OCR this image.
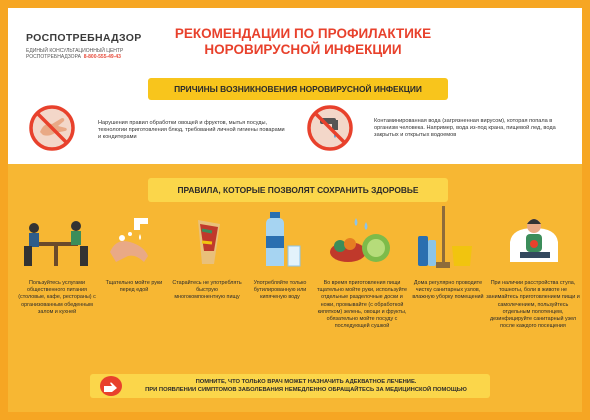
РОСПОТРЕБНАДЗОР
ЕДИНЫЙ КОНСУЛЬТАЦИОННЫЙ ЦЕНТР
РОСПОТРЕБНАДЗОРА 8-800-555-49-43
РЕКОМЕНДАЦИИ ПО ПРОФИЛАКТИКЕ НОРОВИРУСНОЙ ИНФЕКЦИИ
ПРИЧИНЫ ВОЗНИКНОВЕНИЯ НОРОВИРУСНОЙ ИНФЕКЦИИ
Нарушения правил обработки овощей и фруктов, мытья посуды, технологии приготовления блюд, требований личной гигиены поварами и кондитерами
Контаминированная вода (загрязненная вирусом), которая попала в организм человека. Например, вода из-под крана, пищевой лед, вода закрытых и открытых водоемов
ПРАВИЛА, КОТОРЫЕ ПОЗВОЛЯТ СОХРАНИТЬ ЗДОРОВЬЕ
Пользуйтесь услугами общественного питания (столовые, кафе, рестораны) с организованным обеденным залом и кухней
Тщательно мойте руки перед едой
Старайтесь не употреблять быструю многокомпонентную пищу
Употребляйте только бутилированную или кипяченую воду
Во время приготовления пищи тщательно мойте руки, используйте отдельные разделочные доски и ножи, промывайте (с обработкой кипятком) зелень, овощи и фрукты, обязательно мойте посуду с последующей сушкой
Дома регулярно проводите чистку санитарных узлов, влажную уборку помещений
При наличии расстройства стула, тошноты, боли в животе не занимайтесь приготовлением пищи и самолечением, пользуйтесь отдельным полотенцем, дезинфицируйте санитарный узел после каждого посещения
ПОМНИТЕ, ЧТО ТОЛЬКО ВРАЧ МОЖЕТ НАЗНАЧИТЬ АДЕКВАТНОЕ ЛЕЧЕНИЕ.
ПРИ ПОЯВЛЕНИИ СИМПТОМОВ ЗАБОЛЕВАНИЯ НЕМЕДЛЕННО ОБРАЩАЙТЕСЬ ЗА МЕДИЦИНСКОЙ ПОМОЩЬЮ
